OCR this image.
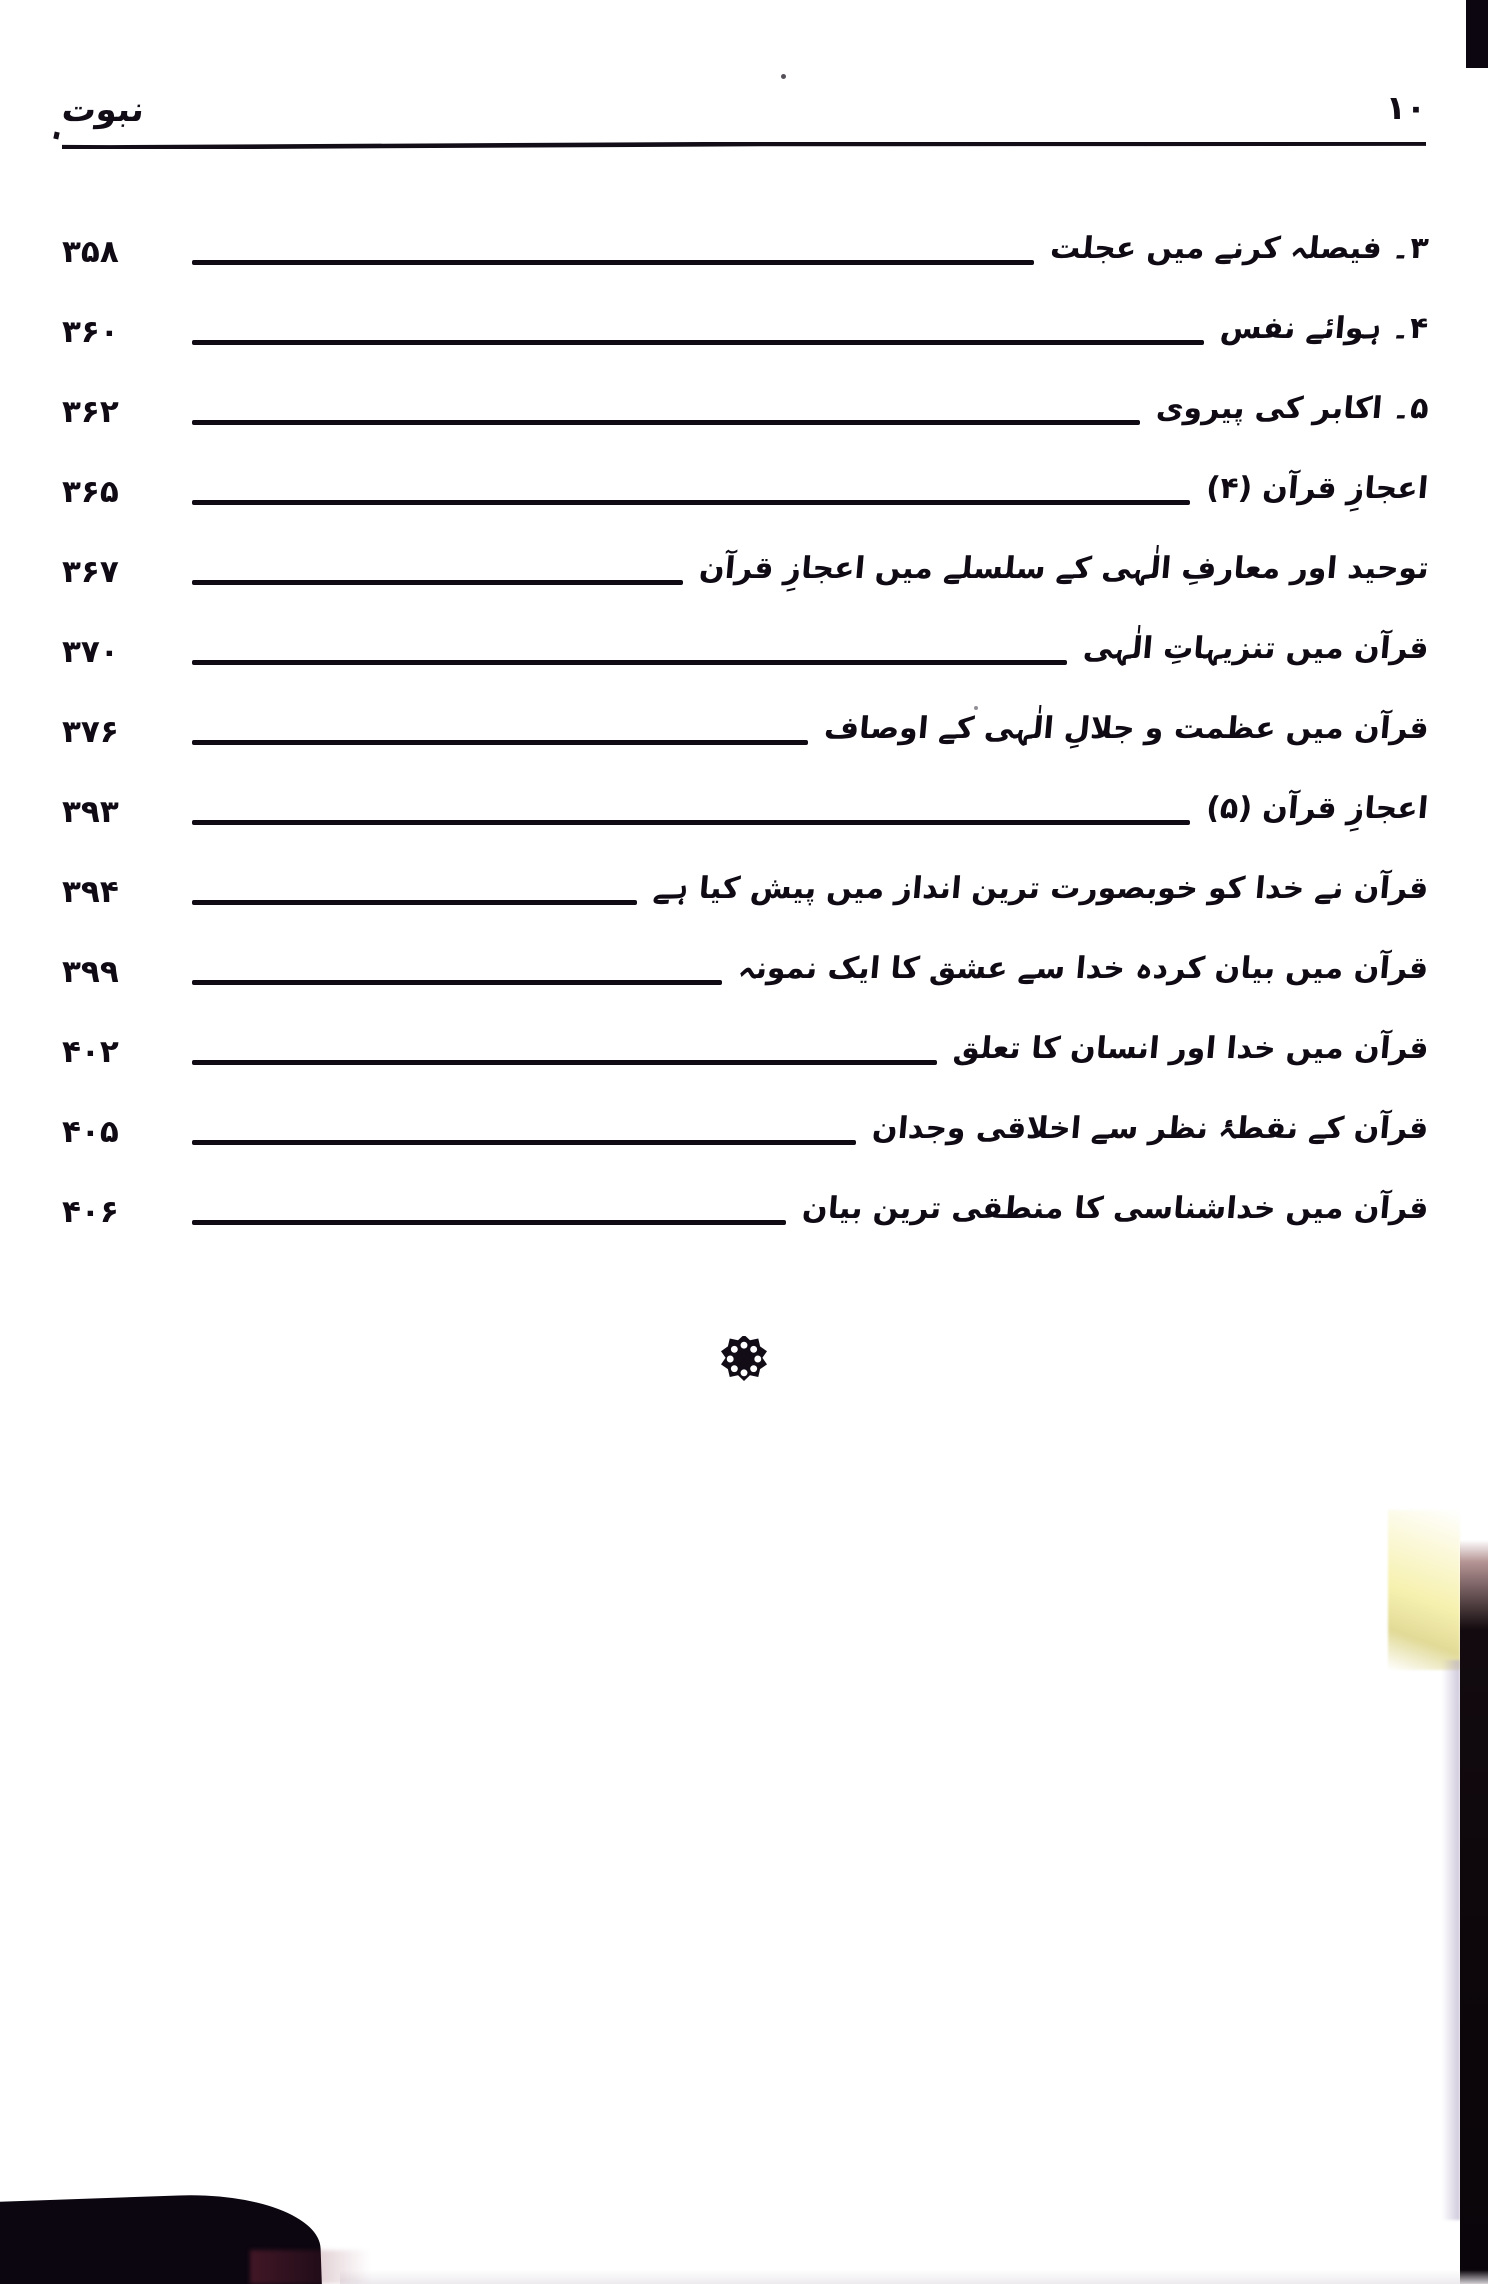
نبوت	۱۰
۳۔ فیصلہ کرنے میں عجلت
۳۵۸
۴۔ ہوائے نفس
۳۶۰
۵۔ اکابر کی پیروی
۳۶۲
اعجازِ قرآن (۴)
۳۶۵
توحید اور معارفِ الٰہی کے سلسلے میں اعجازِ قرآن
۳۶۷
قرآن میں تنزیہاتِ الٰہی
۳۷۰
قرآن میں عظمت و جلالِ الٰہی کے اوصاف
۳۷۶
اعجازِ قرآن (۵)
۳۹۳
قرآن نے خدا کو خوبصورت ترین انداز میں پیش کیا ہے
۳۹۴
قرآن میں بیان کردہ خدا سے عشق کا ایک نمونہ
۳۹۹
قرآن میں خدا اور انسان کا تعلق
۴۰۲
قرآن کے نقطۂ نظر سے اخلاقی وجدان
۴۰۵
قرآن میں خداشناسی کا منطقی ترین بیان
۴۰۶
